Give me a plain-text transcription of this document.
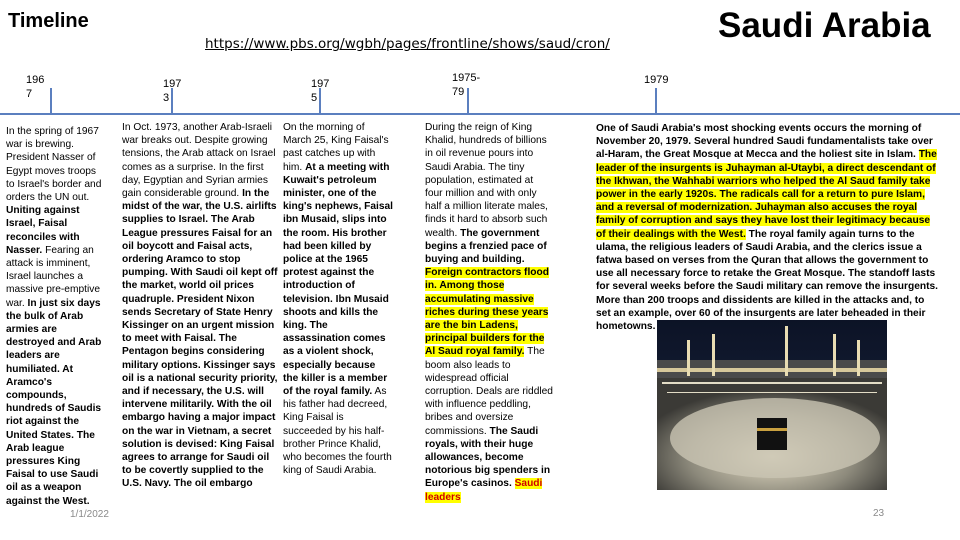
Timeline	Saudi Arabia
https://www.pbs.org/wgbh/pages/frontline/shows/saud/cron/
196
7
197
3
197
5
1975-
79
1979
In the spring of 1967 war is brewing. President Nasser of Egypt moves troops to Israel's border and orders the UN out. Uniting against Israel, Faisal reconciles with Nasser. Fearing an attack is imminent, Israel launches a massive pre-emptive war. In just six days the bulk of Arab armies are destroyed and Arab leaders are humiliated. At Aramco's compounds, hundreds of Saudis riot against the United States. The Arab league pressures King Faisal to use Saudi oil as a weapon against the West.
In Oct. 1973, another Arab-Israeli war breaks out. Despite growing tensions, the Arab attack on Israel comes as a surprise. In the first day, Egyptian and Syrian armies gain considerable ground. In the midst of the war, the U.S. airlifts supplies to Israel. The Arab League pressures Faisal for an oil boycott and Faisal acts, ordering Aramco to stop pumping. With Saudi oil kept off the market, world oil prices quadruple. President Nixon sends Secretary of State Henry Kissinger on an urgent mission to meet with Faisal. The Pentagon begins considering military options. Kissinger says oil is a national security priority, and if necessary, the U.S. will intervene militarily. With the oil embargo having a major impact on the war in Vietnam, a secret solution is devised: King Faisal agrees to arrange for Saudi oil to be covertly supplied to the U.S. Navy. The oil embargo
On the morning of March 25, King Faisal's past catches up with him. At a meeting with Kuwait's petroleum minister, one of the king's nephews, Faisal ibn Musaid, slips into the room. His brother had been killed by police at the 1965 protest against the introduction of television. Ibn Musaid shoots and kills the king. The assassination comes as a violent shock, especially because the killer is a member of the royal family. As his father had decreed, King Faisal is succeeded by his half-brother Prince Khalid, who becomes the fourth king of Saudi Arabia.
During the reign of King Khalid, hundreds of billions in oil revenue pours into Saudi Arabia. The tiny population, estimated at four million and with only half a million literate males, finds it hard to absorb such wealth. The government begins a frenzied pace of buying and building. Foreign contractors flood in. Among those accumulating massive riches during these years are the bin Ladens, principal builders for the Al Saud royal family. The boom also leads to widespread official corruption. Deals are riddled with influence peddling, bribes and oversize commissions. The Saudi royals, with their huge allowances, become notorious big spenders in Europe's casinos. Saudi leaders
One of Saudi Arabia's most shocking events occurs the morning of November 20, 1979. Several hundred Saudi fundamentalists take over al-Haram, the Great Mosque at Mecca and the holiest site in Islam. The leader of the insurgents is Juhayman al-Utaybi, a direct descendant of the Ikhwan, the Wahhabi warriors who helped the Al Saud family take power in the early 1920s. The radicals call for a return to pure Islam, and a reversal of modernization. Juhayman also accuses the royal family of corruption and says they have lost their legitimacy because of their dealings with the West. The royal family again turns to the ulama, the religious leaders of Saudi Arabia, and the clerics issue a fatwa based on verses from the Quran that allows the government to use all necessary force to retake the Great Mosque. The standoff lasts for several weeks before the Saudi military can remove the insurgents. More than 200 troops and dissidents are killed in the attacks and, to set an example, over 60 of the insurgents are later beheaded in their hometowns.
1/1/2022	23
